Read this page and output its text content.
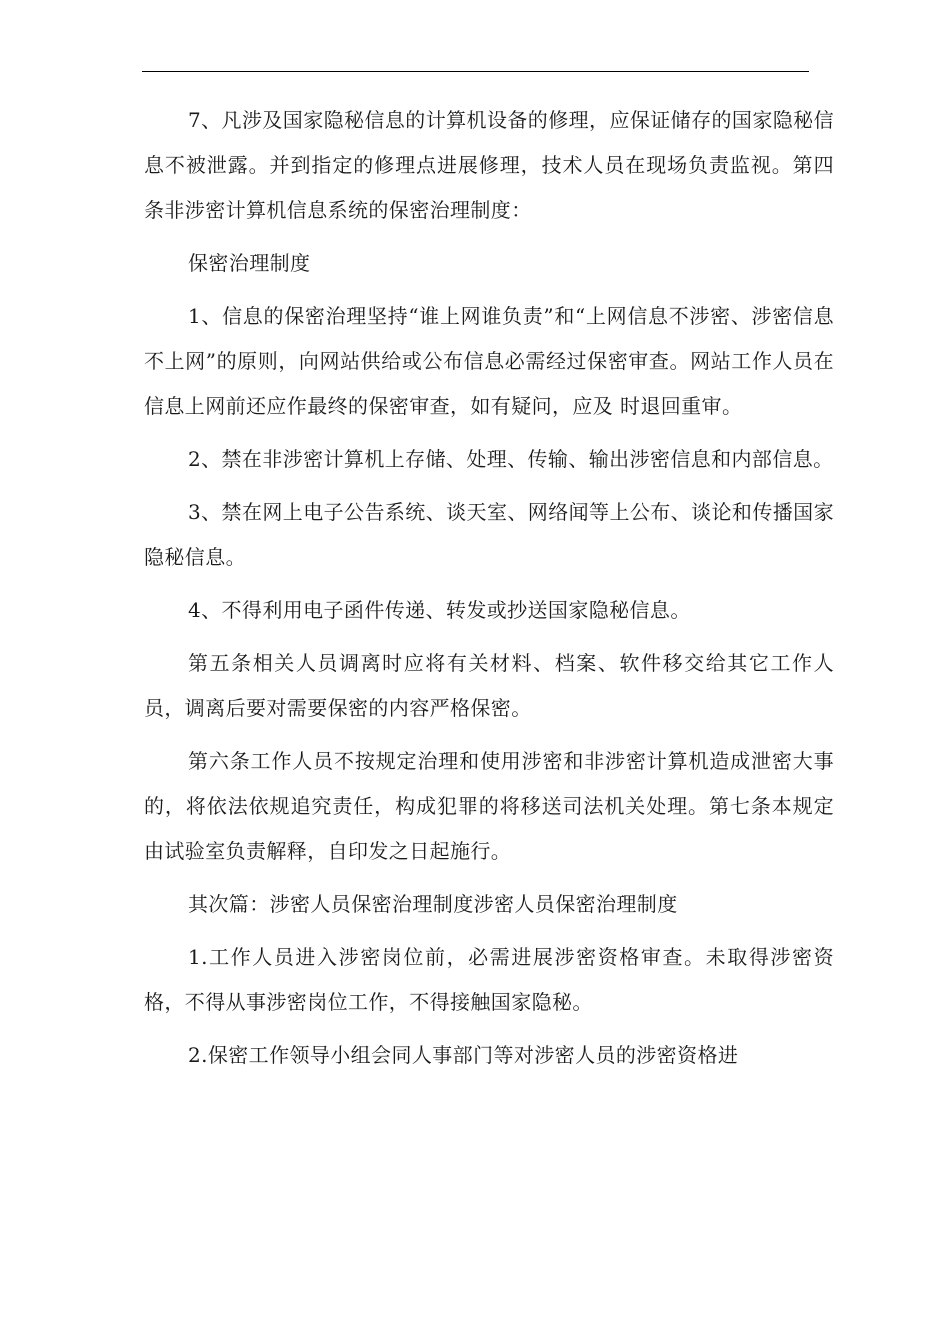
7、凡涉及国家隐秘信息的计算机设备的修理，应保证储存的国家隐秘信息不被泄露。并到指定的修理点进展修理，技术人员在现场负责监视。第四条非涉密计算机信息系统的保密治理制度：

保密治理制度

1、信息的保密治理坚持“谁上网谁负责”和“上网信息不涉密、涉密信息不上网”的原则，向网站供给或公布信息必需经过保密审查。网站工作人员在信息上网前还应作最终的保密审查，如有疑问，应及 时退回重审。

2、禁在非涉密计算机上存储、处理、传输、输出涉密信息和内部信息。

3、禁在网上电子公告系统、谈天室、网络闻等上公布、谈论和传播国家隐秘信息。

4、不得利用电子函件传递、转发或抄送国家隐秘信息。

第五条相关人员调离时应将有关材料、档案、软件移交给其它工作人员，调离后要对需要保密的内容严格保密。

第六条工作人员不按规定治理和使用涉密和非涉密计算机造成泄密大事的，将依法依规追究责任，构成犯罪的将移送司法机关处理。第七条本规定由试验室负责解释，自印发之日起施行。

其次篇：涉密人员保密治理制度涉密人员保密治理制度

1.工作人员进入涉密岗位前，必需进展涉密资格审查。未取得涉密资格，不得从事涉密岗位工作，不得接触国家隐秘。

2.保密工作领导小组会同人事部门等对涉密人员的涉密资格进
